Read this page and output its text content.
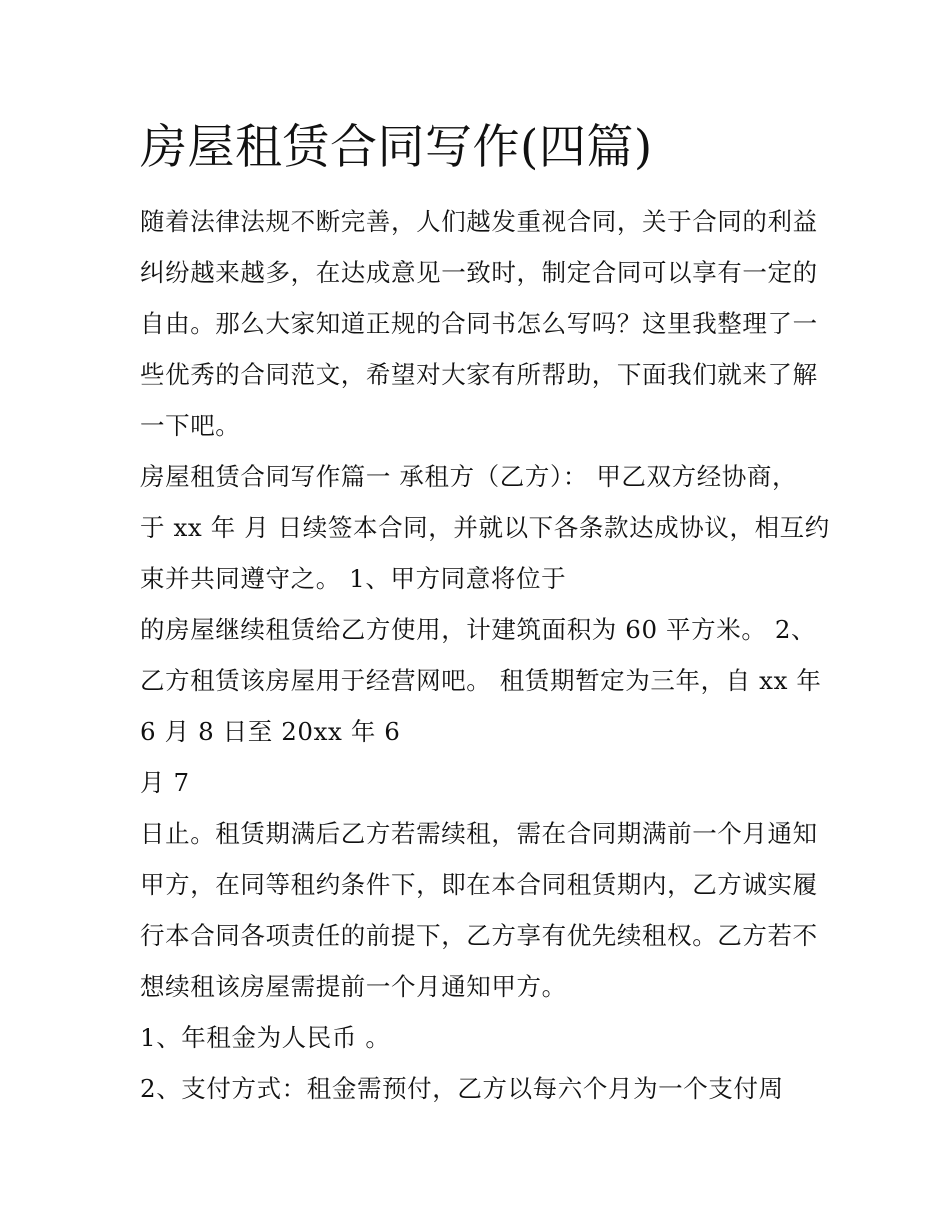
房屋租赁合同写作(四篇)

随着法律法规不断完善，人们越发重视合同，关于合同的利益

纠纷越来越多，在达成意见一致时，制定合同可以享有一定的

自由。那么大家知道正规的合同书怎么写吗？这里我整理了一

些优秀的合同范文，希望对大家有所帮助，下面我们就来了解

一下吧。

房屋租赁合同写作篇一 承租方（乙方）： 甲乙双方经协商，

于 xx 年 月 日续签本合同，并就以下各条款达成协议，相互约

束并共同遵守之。 1、甲方同意将位于

的房屋继续租赁给乙方使用，计建筑面积为 60 平方米。 2、

乙方租赁该房屋用于经营网吧。 租赁期暂定为三年，自 xx 年

6 月 8 日至 20xx 年 6

月 7

日止。租赁期满后乙方若需续租，需在合同期满前一个月通知

甲方，在同等租约条件下，即在本合同租赁期内，乙方诚实履

行本合同各项责任的前提下，乙方享有优先续租权。乙方若不

想续租该房屋需提前一个月通知甲方。

1、年租金为人民币 。

2、支付方式：租金需预付，乙方以每六个月为一个支付周
